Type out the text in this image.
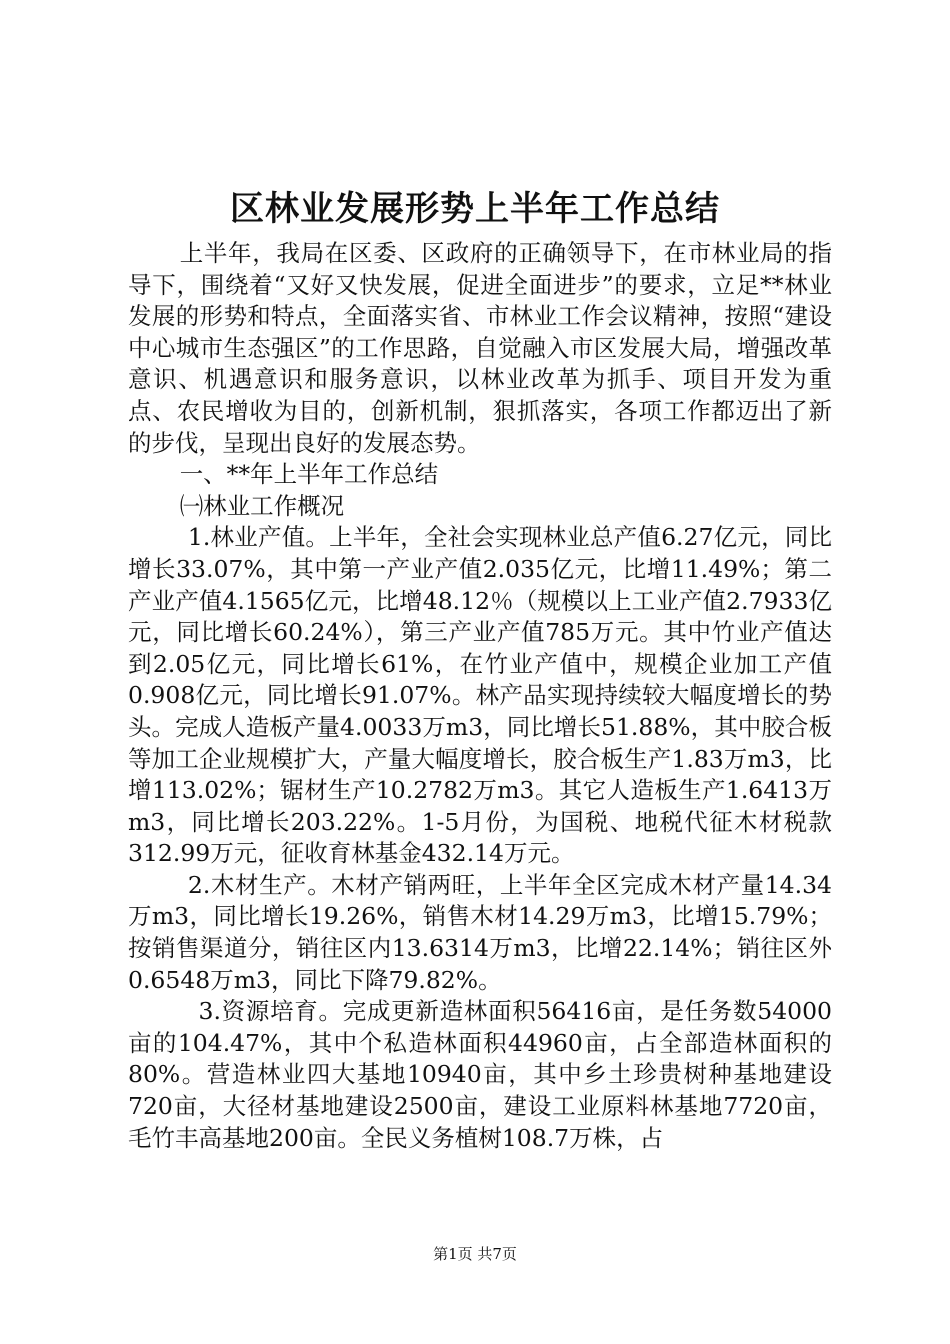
区林业发展形势上半年工作总结

上半年，我局在区委、区政府的正确领导下，在市林业局的指导下，围绕着“又好又快发展，促进全面进步”的要求，立足**林业发展的形势和特点，全面落实省、市林业工作会议精神，按照“建设中心城市生态强区”的工作思路，自觉融入市区发展大局，增强改革意识、机遇意识和服务意识，以林业改革为抓手、项目开发为重点、农民增收为目的，创新机制，狠抓落实，各项工作都迈出了新的步伐，呈现出良好的发展态势。

一、**年上半年工作总结

㈠林业工作概况

1.林业产值。上半年，全社会实现林业总产值6.27亿元，同比增长33.07%，其中第一产业产值2.035亿元，比增11.49%；第二产业产值4.1565亿元，比增48.12％（规模以上工业产值2.7933亿元，同比增长60.24%），第三产业产值785万元。其中竹业产值达到2.05亿元，同比增长61%，在竹业产值中，规模企业加工产值0.908亿元，同比增长91.07%。林产品实现持续较大幅度增长的势头。完成人造板产量4.0033万m3，同比增长51.88%，其中胶合板等加工企业规模扩大，产量大幅度增长，胶合板生产1.83万m3，比增113.02%；锯材生产10.2782万m3。其它人造板生产1.6413万m3，同比增长203.22%。1-5月份，为国税、地税代征木材税款312.99万元，征收育林基金432.14万元。

2.木材生产。木材产销两旺，上半年全区完成木材产量14.34万m3，同比增长19.26%，销售木材14.29万m3，比增15.79%；按销售渠道分，销往区内13.6314万m3，比增22.14%；销往区外0.6548万m3，同比下降79.82%。

3.资源培育。完成更新造林面积56416亩，是任务数54000亩的104.47%，其中个私造林面积44960亩，占全部造林面积的80%。营造林业四大基地10940亩，其中乡土珍贵树种基地建设720亩，大径材基地建设2500亩，建设工业原料林基地7720亩，毛竹丰高基地200亩。全民义务植树108.7万株，占

第1页 共7页
